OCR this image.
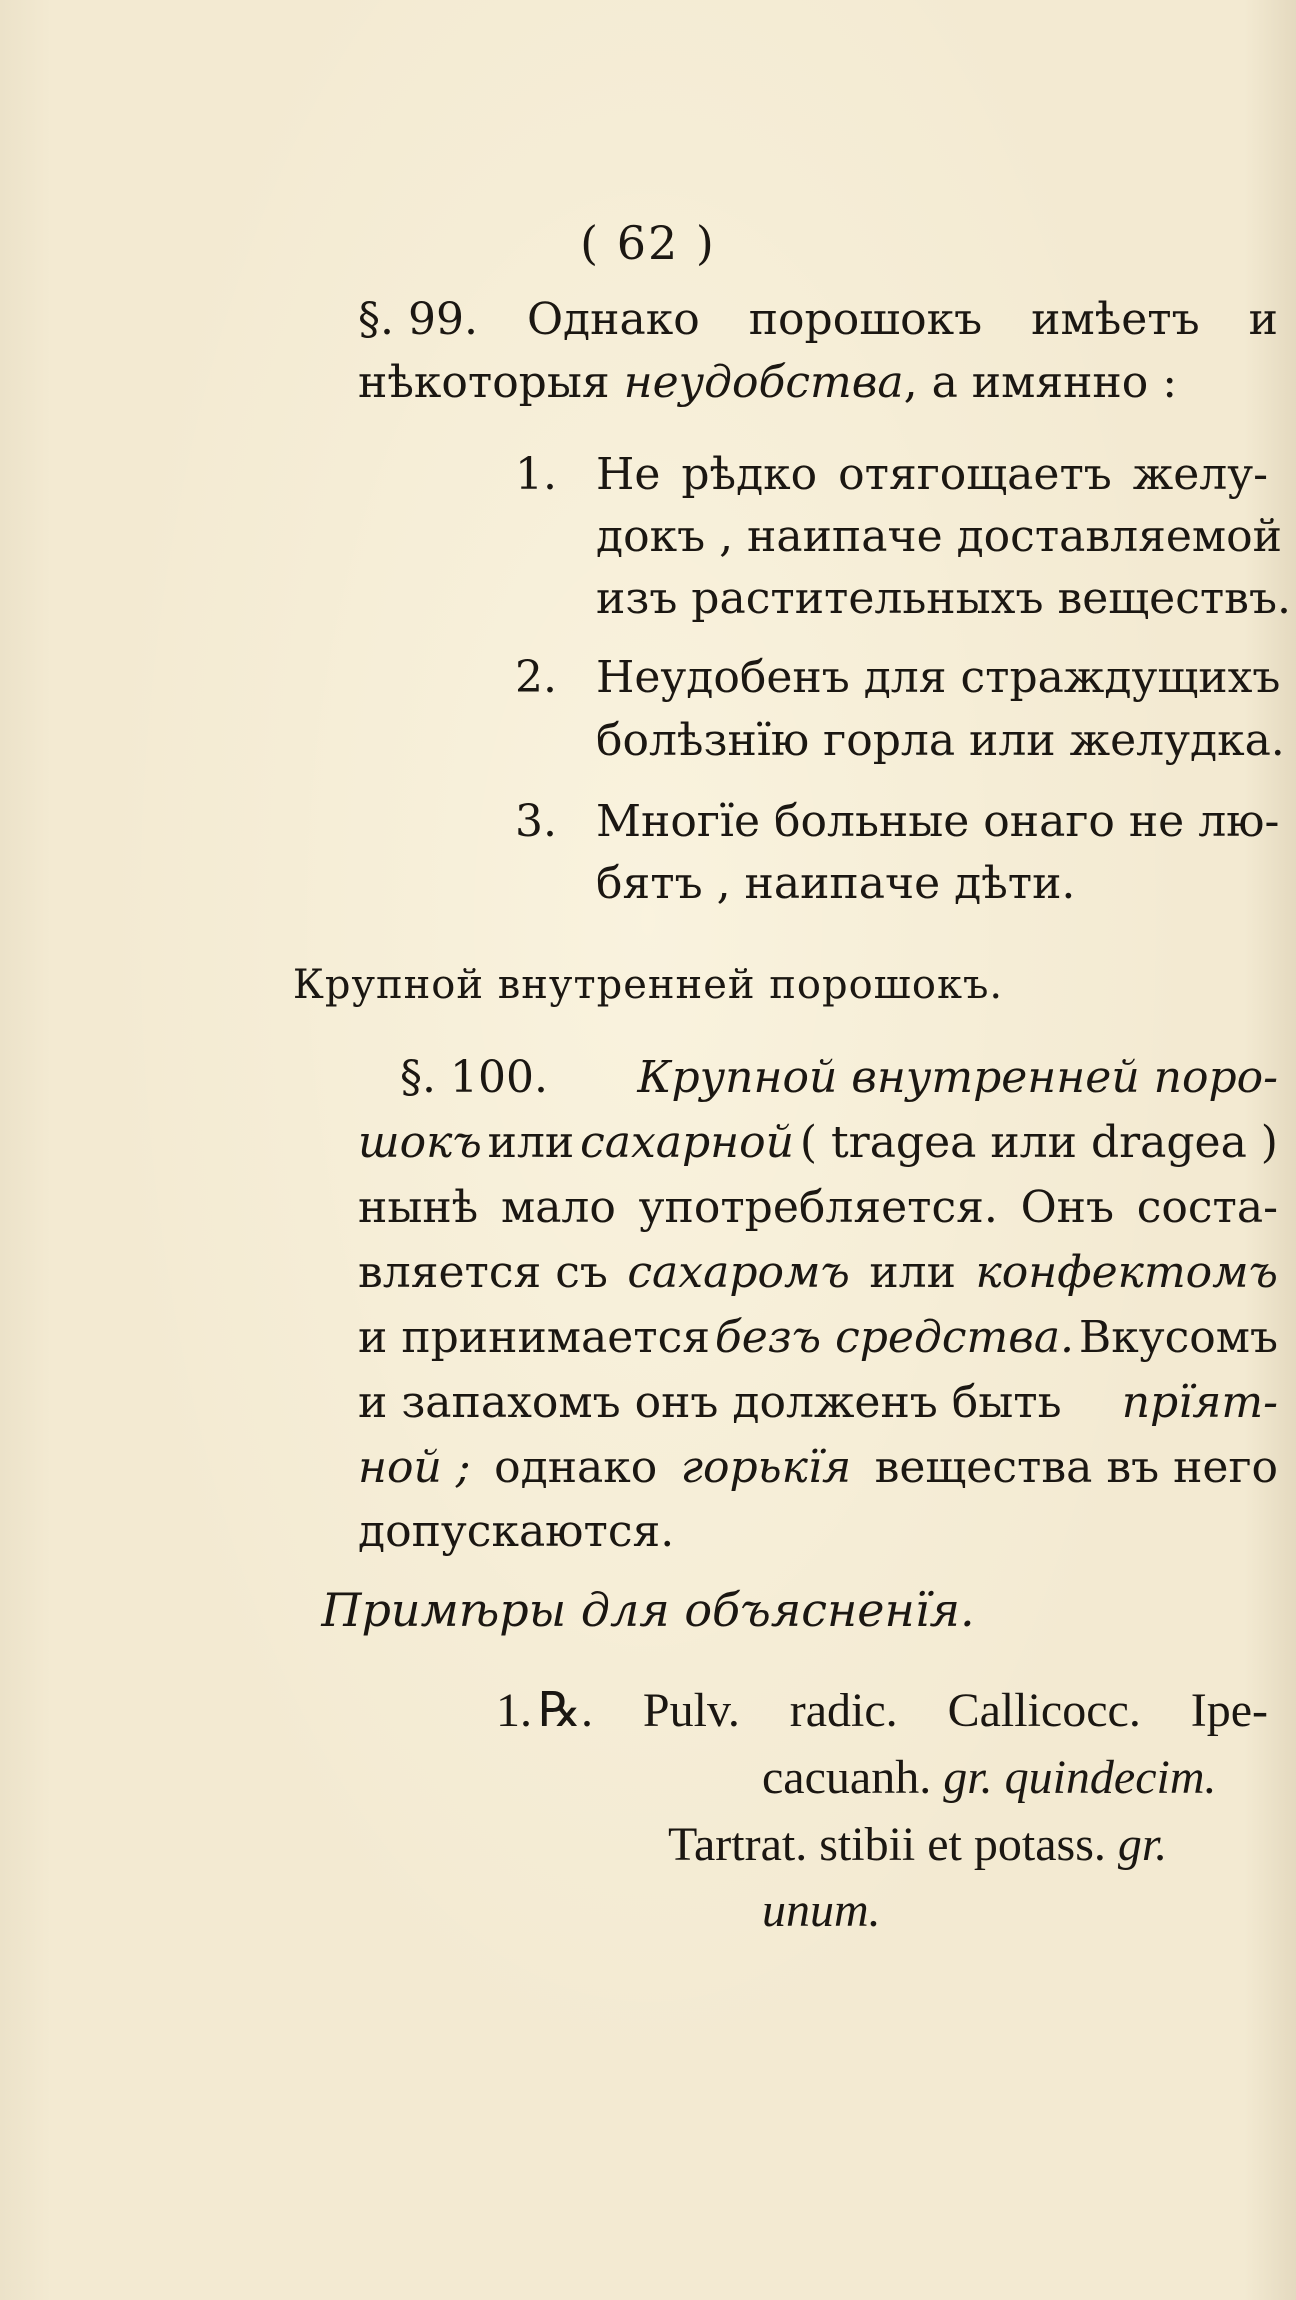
( 62 )
§. 99. Однако порошокъ имѣетъ и
нѣкоторыя неудобства, а имянно :
1. Не рѣдко отягощаетъ желу-
докъ , наипаче доставляемой
изъ растительныхъ веществъ.
2. Неудобенъ для страждущихъ
болѣзнїю горла или желудка.
3. Многїе больные онаго не лю-
бятъ , наипаче дѣти.
Крупной внутренней порошокъ.
§. 100. Крупной внутренней поро-
шокъ или сахарной ( tragea или dragea )
нынѣ мало употребляется. Онъ соста-
вляется съ сахаромъ или конфектомъ
и принимается безъ средства. Вкусомъ
и запахомъ онъ долженъ быть прїят-
ной ; однако горькїя вещества въ него
допускаются.
Примѣры для объясненїя.
1. ℞. Pulv. radic. Callicocc. Ipe-
cacuanh. gr. quindecim.
Tartrat. stibii et potass. gr.
unum.
